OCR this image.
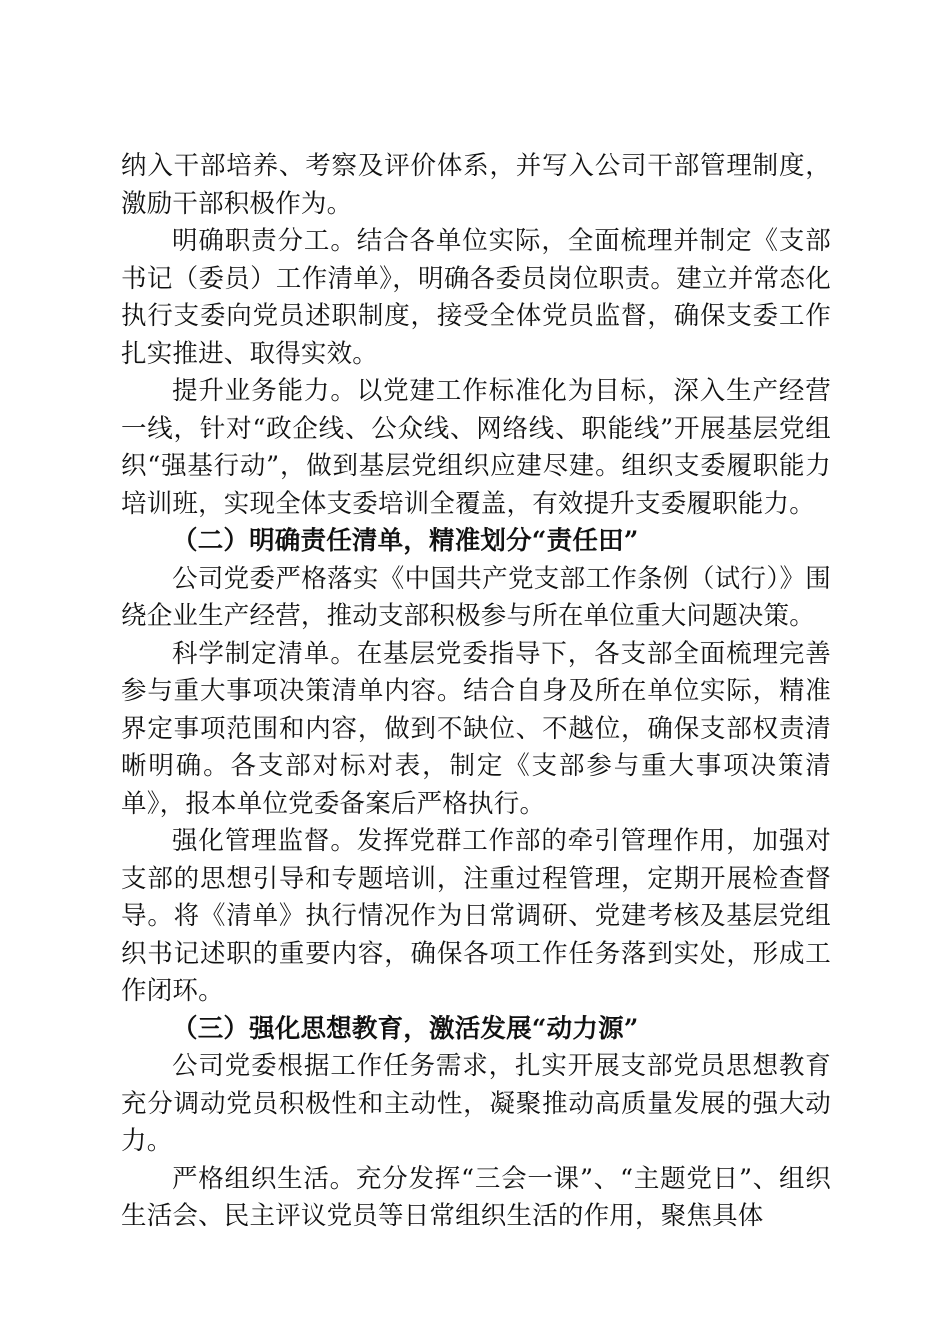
纳入干部培养、考察及评价体系，并写入公司干部管理制度，激励干部积极作为。

明确职责分工。结合各单位实际，全面梳理并制定《支部书记（委员）工作清单》，明确各委员岗位职责。建立并常态化执行支委向党员述职制度，接受全体党员监督，确保支委工作扎实推进、取得实效。

提升业务能力。以党建工作标准化为目标，深入生产经营一线，针对“政企线、公众线、网络线、职能线”开展基层党组织“强基行动”，做到基层党组织应建尽建。组织支委履职能力培训班，实现全体支委培训全覆盖，有效提升支委履职能力。

（二）明确责任清单，精准划分“责任田”

公司党委严格落实《中国共产党支部工作条例（试行）》围绕企业生产经营，推动支部积极参与所在单位重大问题决策。

科学制定清单。在基层党委指导下，各支部全面梳理完善参与重大事项决策清单内容。结合自身及所在单位实际，精准界定事项范围和内容，做到不缺位、不越位，确保支部权责清晰明确。各支部对标对表，制定《支部参与重大事项决策清单》，报本单位党委备案后严格执行。

强化管理监督。发挥党群工作部的牵引管理作用，加强对支部的思想引导和专题培训，注重过程管理，定期开展检查督导。将《清单》执行情况作为日常调研、党建考核及基层党组织书记述职的重要内容，确保各项工作任务落到实处，形成工作闭环。

（三）强化思想教育，激活发展“动力源”

公司党委根据工作任务需求，扎实开展支部党员思想教育充分调动党员积极性和主动性，凝聚推动高质量发展的强大动力。

严格组织生活。充分发挥“三会一课”、“主题党日”、组织生活会、民主评议党员等日常组织生活的作用，聚焦具体
